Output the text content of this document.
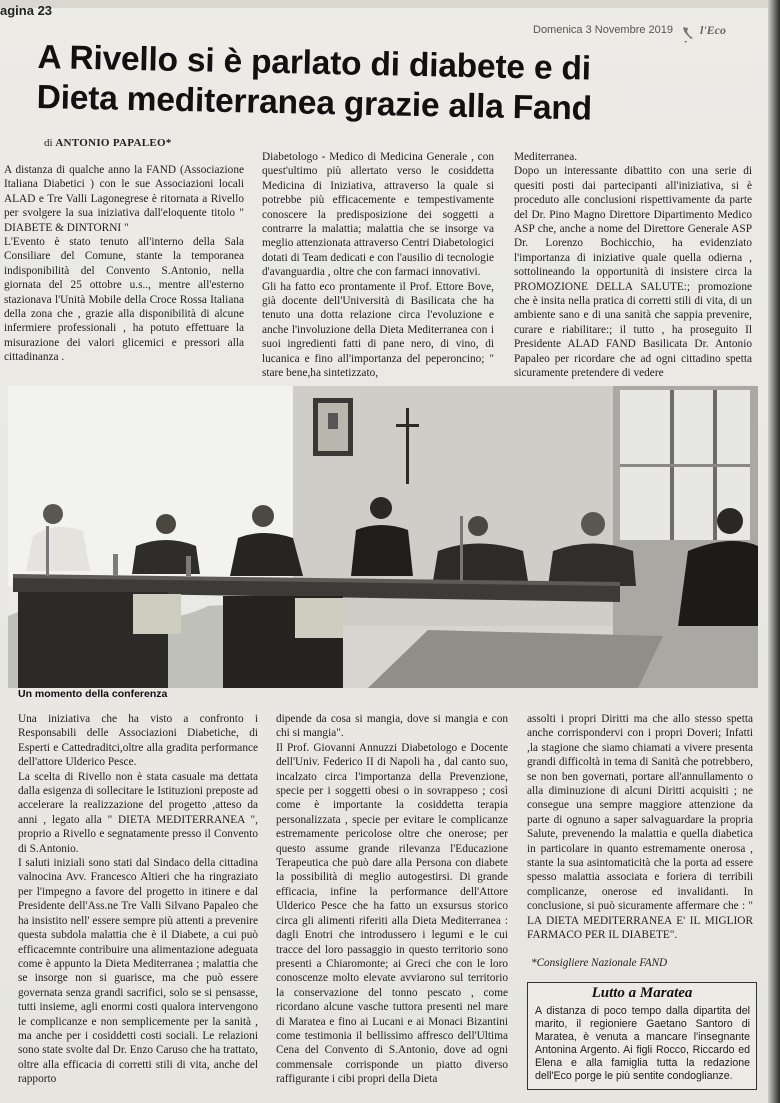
agina 23
Domenica 3 Novembre 2019 l'Eco
A Rivello si è parlato di diabete e di
Dieta mediterranea grazie alla Fand
di ANTONIO PAPALEO*

A distanza di qualche anno la FAND (Associazione Italiana Diabetici ) con le sue Associazioni locali ALAD e Tre Valli Lagonegrese è ritornata a Rivello per svolgere la sua iniziativa dall'eloquente titolo " DIABETE & DINTORNI "

L'Evento è stato tenuto all'interno della Sala Consiliare del Comune, stante la temporanea indisponibilità del Convento S.Antonio, nella giornata del 25 ottobre u.s.., mentre all'esterno stazionava l'Unità Mobile della Croce Rossa Italiana della zona che , grazie alla disponibilità di alcune infermiere professionali , ha potuto effettuare la misurazione dei valori glicemici e pressori alla cittadinanza .

Diabetologo - Medico di Medicina Generale , con quest'ultimo più allertato verso le cosiddetta Medicina di Iniziativa, attraverso la quale si potrebbe più efficacemente e tempestivamente conoscere la predisposizione dei soggetti a contrarre la malattia; malattia che se insorge va meglio attenzionata attraverso Centri Diabetologici dotati di Team dedicati e con l'ausilio di tecnologie d'avanguardia , oltre che con farmaci innovativi.

Gli ha fatto eco prontamente il Prof. Ettore Bove, già docente dell'Università di Basilicata che ha tenuto una dotta relazione circa l'evoluzione e anche l'involuzione della Dieta Mediterranea con i suoi ingredienti fatti di pane nero, di vino, di lucanica e fino all'importanza del peperoncino; " stare bene,ha sintetizzato,

Mediterranea.

Dopo un interessante dibattito con una serie di quesiti posti dai partecipanti all'iniziativa, si è proceduto alle conclusioni rispettivamente da parte del Dr. Pino Magno Direttore Dipartimento Medico ASP che, anche a nome del Direttore Generale ASP Dr. Lorenzo Bochicchio, ha evidenziato l'importanza di iniziative quale quella odierna , sottolineando la opportunità di insistere circa la PROMOZIONE DELLA SALUTE:; promozione che è insita nella pratica di corretti stili di vita, di un ambiente sano e di una sanità che sappia prevenire, curare e riabilitare:; il tutto , ha proseguito Il Presidente ALAD FAND Basilicata Dr. Antonio Papaleo per ricordare che ad ogni cittadino spetta sicuramente pretendere di vedere

Un momento della conferenza

Una iniziativa che ha visto a confronto i Responsabili delle Associazioni Diabetiche, di Esperti e Cattedraditci,oltre alla gradita performance dell'attore Ulderico Pesce.

La scelta di Rivello non è stata casuale ma dettata dalla esigenza di sollecitare le Istituzioni preposte ad accelerare la realizzazione del progetto ,atteso da anni , legato alla " DIETA MEDITERRANEA ", proprio a Rivello e segnatamente presso il Convento di S.Antonio.

I saluti iniziali sono stati dal Sindaco della cittadina valnocina Avv. Francesco Altieri che ha ringraziato per l'impegno a favore del progetto in itinere e dal Presidente dell'Ass.ne Tre Valli Silvano Papaleo che ha insistito nell' essere sempre più attenti a prevenire questa subdola malattia che è il Diabete, a cui può efficacemnte contribuire una alimentazione adeguata come è appunto la Dieta Mediterranea ; malattia che se insorge non si guarisce, ma che può essere governata senza grandi sacrifici, solo se si pensasse, tutti insieme, agli enormi costi qualora intervengono le complicanze e non semplicemente per la sanità , ma anche per i cosiddetti costi sociali. Le relazioni sono state svolte dal Dr. Enzo Caruso che ha trattato, oltre alla efficacia di corretti stili di vita, anche del rapporto

dipende da cosa si mangia, dove si mangia e con chi si mangia".

Il Prof. Giovanni Annuzzi Diabetologo e Docente dell'Univ. Federico II di Napoli ha , dal canto suo, incalzato circa l'importanza della Prevenzione, specie per i soggetti obesi o in sovrappeso ; così come è importante la cosiddetta terapia personalizzata , specie per evitare le complicanze estremamente pericolose oltre che onerose; per questo assume grande rilevanza l'Educazione Terapeutica che può dare alla Persona con diabete la possibilità di meglio autogestirsi. Di grande efficacia, infine la performance dell'Attore Ulderico Pesce che ha fatto un exsursus storico circa gli alimenti riferiti alla Dieta Mediterranea : dagli Enotri che introdussero i legumi e le cui tracce del loro passaggio in questo territorio sono presenti a Chiaromonte; ai Greci che con le loro conoscenze molto elevate avviarono sul territorio la conservazione del tonno pescato , come ricordano alcune vasche tuttora presenti nel mare di Maratea e fino ai Lucani e ai Monaci Bizantini come testimonia il bellissimo affresco dell'Ultima Cena del Convento di S.Antonio, dove ad ogni commensale corrisponde un piatto diverso raffigurante i cibi propri della Dieta

assolti i propri Diritti ma che allo stesso spetta anche corrispondervi con i propri Doveri; Infatti ,la stagione che siamo chiamati a vivere presenta grandi difficoltà in tema di Sanità che potrebbero, se non ben governati, portare all'annullamento o alla diminuzione di alcuni Diritti acquisiti ; ne consegue una sempre maggiore attenzione da parte di ognuno a saper salvaguardare la propria Salute, prevenendo la malattia e quella diabetica in particolare in quanto estremamente onerosa , stante la sua asintomaticità che la porta ad essere spesso malattia associata e foriera di terribili complicanze, onerose ed invalidanti. In conclusione, si può sicuramente affermare che : " LA DIETA MEDITERRANEA E' IL MIGLIOR FARMACO PER IL DIABETE".

*Consigliere Nazionale FAND
Lutto a Maratea
A distanza di poco tempo dalla dipartita del marito, il regioniere Gaetano Santoro di Maratea, è venuta a mancare l'insegnante Antonina Argento. Ai figli Rocco, Riccardo ed Elena e alla famiglia tutta la redazione dell'Eco porge le più sentite condoglianze.
